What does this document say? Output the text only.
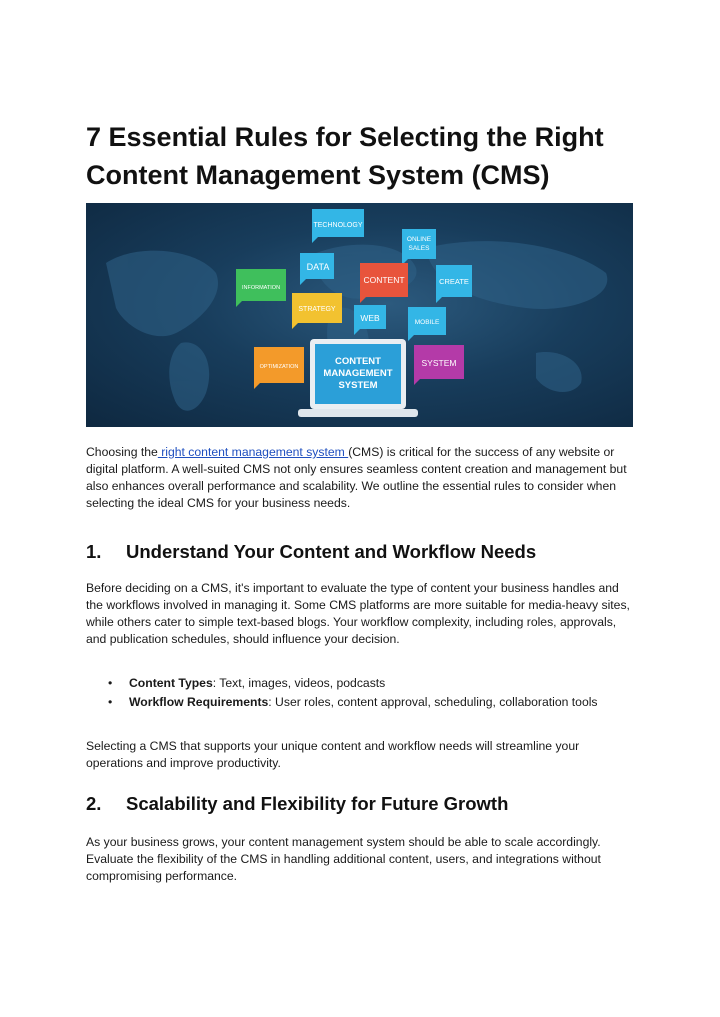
7 Essential Rules for Selecting the Right Content Management System (CMS)
TECHNOLOGY
ONLINE
SALES
DATA
INFORMATION
CONTENT	CREATE
STRATEGY
WEB	MOBILE
OPTIMIZATION	SYSTEM
CONTENT
MANAGEMENT
SYSTEM

Choosing the right content management system (CMS) is critical for the success of any website or digital platform. A well-suited CMS not only ensures seamless content creation and management but also enhances overall performance and scalability. We outline the essential rules to consider when selecting the ideal CMS for your business needs.

1. Understand Your Content and Workflow Needs

Before deciding on a CMS, it's important to evaluate the type of content your business handles and the workflows involved in managing it. Some CMS platforms are more suitable for media-heavy sites, while others cater to simple text-based blogs. Your workflow complexity, including roles, approvals, and publication schedules, should influence your decision.

• Content Types: Text, images, videos, podcasts
• Workflow Requirements: User roles, content approval, scheduling, collaboration tools

Selecting a CMS that supports your unique content and workflow needs will streamline your operations and improve productivity.

2. Scalability and Flexibility for Future Growth

As your business grows, your content management system should be able to scale accordingly. Evaluate the flexibility of the CMS in handling additional content, users, and integrations without compromising performance.
